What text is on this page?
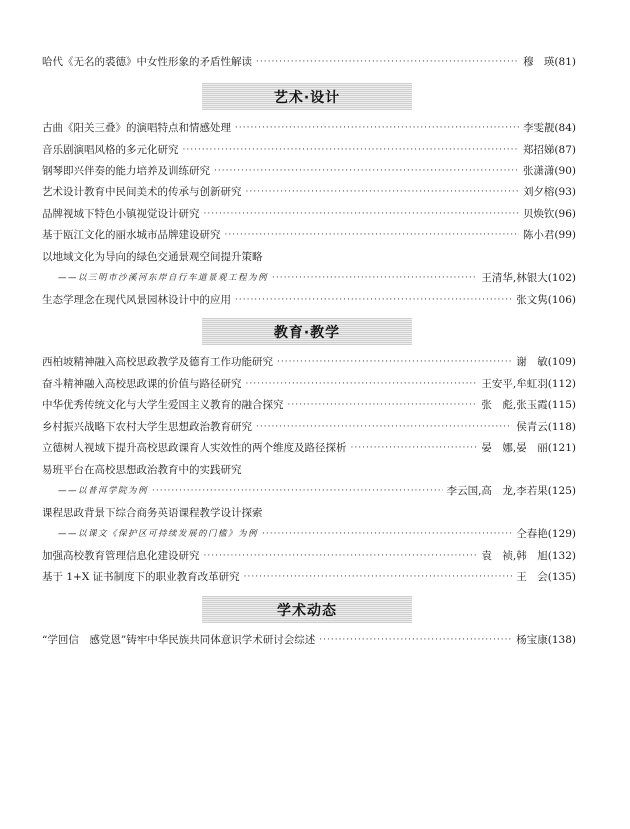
哈代《无名的裘德》中女性形象的矛盾性解读 ·····	穆　瑛(81)
艺术·设计
古曲《阳关三叠》的演唱特点和情感处理 ·····	李雯靓(84)
音乐剧演唱风格的多元化研究 ·····	郑招娣(87)
钢琴即兴伴奏的能力培养及训练研究 ·····	张潇潇(90)
艺术设计教育中民间美术的传承与创新研究 ·····	刘夕榕(93)
品牌视域下特色小镇视觉设计研究 ·····	贝焕钦(96)
基于瓯江文化的丽水城市品牌建设研究 ·····	陈小君(99)
以地域文化为导向的绿色交通景观空间提升策略
——以三明市沙溪河东岸自行车道景观工程为例 ·····	王清华,林银大(102)
生态学理念在现代风景园林设计中的应用 ·····	张文隽(106)
教育·教学
西柏坡精神融入高校思政教学及德育工作功能研究 ·····	谢　敏(109)
奋斗精神融入高校思政课的价值与路径研究 ·····	王安平,牟虹羽(112)
中华优秀传统文化与大学生爱国主义教育的融合探究 ·····	张　彪,张玉霞(115)
乡村振兴战略下农村大学生思想政治教育研究 ·····	侯青云(118)
立德树人视域下提升高校思政课育人实效性的两个维度及路径探析 ·····	晏　娜,晏　丽(121)
易班平台在高校思想政治教育中的实践研究
——以普洱学院为例 ·····	李云国,高　龙,李若果(125)
课程思政背景下综合商务英语课程教学设计探索
——以课文《保护区可持续发展的门槛》为例 ·····	仝春艳(129)
加强高校教育管理信息化建设研究 ·····	袁　祯,韩　旭(132)
基于 1+X 证书制度下的职业教育改革研究 ·····	王　会(135)
学术动态
“学回信　感党恩”铸牢中华民族共同体意识学术研讨会综述 ·····	杨宝康(138)
